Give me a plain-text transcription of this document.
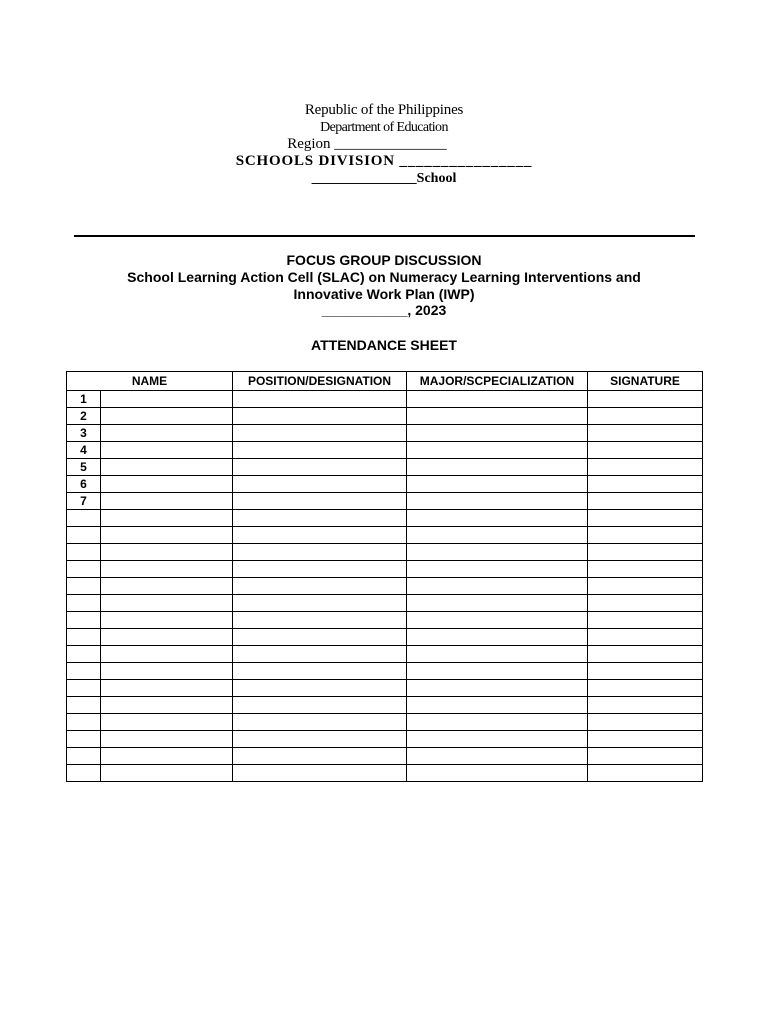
Republic of the Philippines
Department of Education
Region _______________
SCHOOLS DIVISION ________________
_______________School
FOCUS GROUP DISCUSSION
School Learning Action Cell (SLAC) on Numeracy Learning Interventions and
Innovative Work Plan (IWP)
___________, 2023
ATTENDANCE SHEET
NAME		POSITION/DESIGNATION	MAJOR/SCPECIALIZATION	SIGNATURE
1				
2				
3				
4				
5				
6				
7				
